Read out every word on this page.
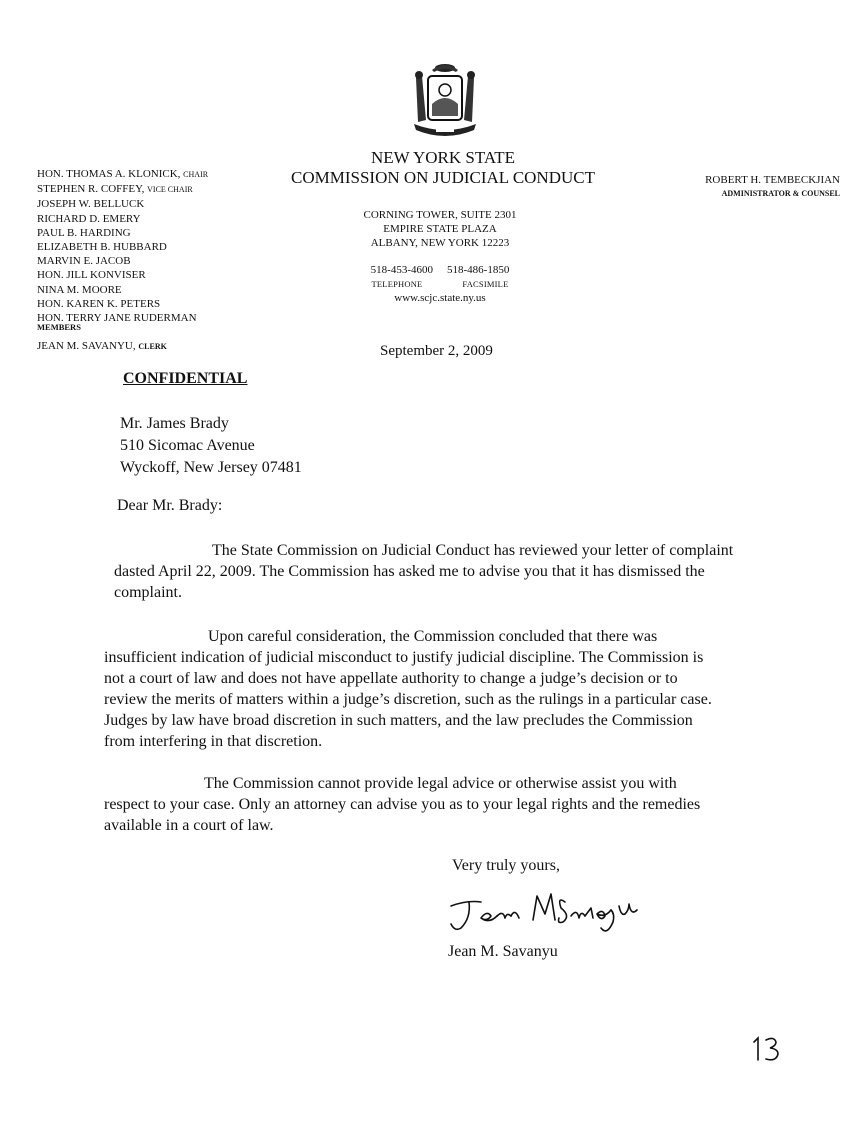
NEW YORK STATE
COMMISSION ON JUDICIAL CONDUCT
CORNING TOWER, SUITE 2301
EMPIRE STATE PLAZA
ALBANY, NEW YORK 12223
518-453-4600 518-486-1850
TELEPHONE	FACSIMILE
www.scjc.state.ny.us
HON. THOMAS A. KLONICK, CHAIR
STEPHEN R. COFFEY, VICE CHAIR
JOSEPH W. BELLUCK
RICHARD D. EMERY
PAUL B. HARDING
ELIZABETH B. HUBBARD
MARVIN E. JACOB
HON. JILL KONVISER
NINA M. MOORE
HON. KAREN K. PETERS
HON. TERRY JANE RUDERMAN
MEMBERS
JEAN M. SAVANYU, CLERK
ROBERT H. TEMBECKJIAN
ADMINISTRATOR & COUNSEL
September 2, 2009
CONFIDENTIAL
Mr. James Brady
510 Sicomac Avenue
Wyckoff, New Jersey 07481
Dear Mr. Brady:
The State Commission on Judicial Conduct has reviewed your letter of complaint dasted April 22, 2009. The Commission has asked me to advise you that it has dismissed the complaint.
Upon careful consideration, the Commission concluded that there was insufficient indication of judicial misconduct to justify judicial discipline. The Commission is not a court of law and does not have appellate authority to change a judge’s decision or to review the merits of matters within a judge’s discretion, such as the rulings in a particular case. Judges by law have broad discretion in such matters, and the law precludes the Commission from interfering in that discretion.
The Commission cannot provide legal advice or otherwise assist you with respect to your case. Only an attorney can advise you as to your legal rights and the remedies available in a court of law.
Very truly yours,
Jean M. Savanyu
